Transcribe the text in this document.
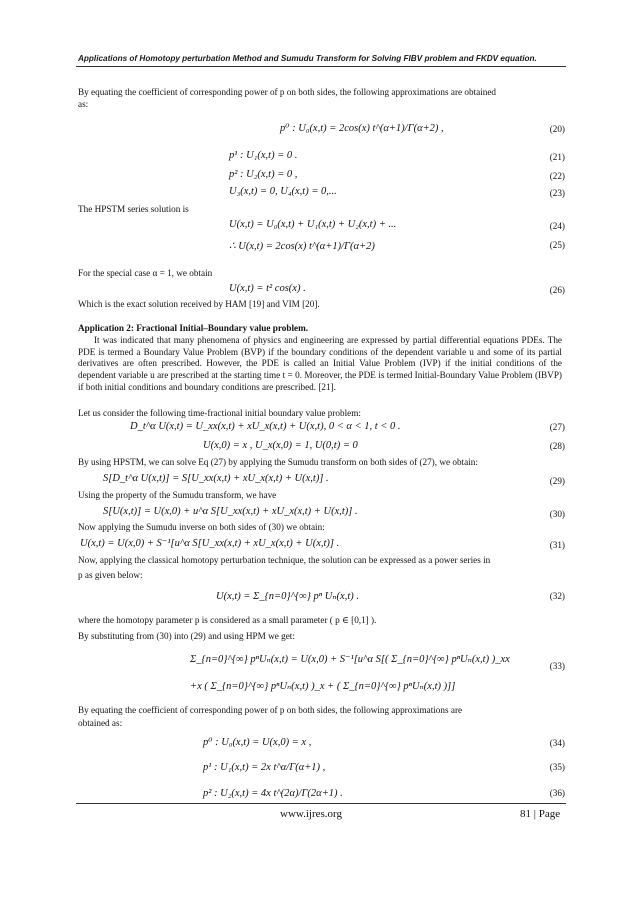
Applications of Homotopy perturbation Method and Sumudu Transform for Solving FIBV problem and FKDV equation.
By equating the coefficient of corresponding power of p on both sides, the following approximations are obtained
as:
p⁰ : U₀(x,t) = 2cos(x) t^(α+1)/Γ(α+2) ,	(20)
p¹ : U₁(x,t) = 0 .	(21)
p² : U₂(x,t) = 0 ,	(22)
U₃(x,t) = 0, U₄(x,t) = 0,...	(23)
The HPSTM series solution is
U(x,t) = U₀(x,t) + U₁(x,t) + U₂(x,t) + ...	(24)
∴ U(x,t) = 2cos(x) t^(α+1)/Γ(α+2)	(25)
For the special case α = 1, we obtain
U(x,t) = t² cos(x) .	(26)
Which is the exact solution received by HAM [19] and VIM [20].
Application 2: Fractional Initial–Boundary value problem.
It was indicated that many phenomena of physics and engineering are expressed by partial differential equations PDEs. The PDE is termed a Boundary Value Problem (BVP) if the boundary conditions of the dependent variable u and some of its partial derivatives are often prescribed. However, the PDE is called an Initial Value Problem (IVP) if the initial conditions of the dependent variable u are prescribed at the starting time t = 0. Moreover, the PDE is termed Initial-Boundary Value Problem (IBVP) if both initial conditions and boundary conditions are prescribed. [21].
Let us consider the following time-fractional initial boundary value problem:
D_t^α U(x,t) = U_xx(x,t) + xU_x(x,t) + U(x,t), 0 < α < 1, t < 0 .	(27)
U(x,0) = x , U_x(x,0) = 1, U(0,t) = 0	(28)
By using HPSTM, we can solve Eq (27) by applying the Sumudu transform on both sides of (27), we obtain:
S[D_t^α U(x,t)] = S[U_xx(x,t) + xU_x(x,t) + U(x,t)] .	(29)
Using the property of the Sumudu transform, we have
S[U(x,t)] = U(x,0) + u^α S[U_xx(x,t) + xU_x(x,t) + U(x,t)] .	(30)
Now applying the Sumudu inverse on both sides of (30) we obtain:
U(x,t) = U(x,0) + S⁻¹[u^α S[U_xx(x,t) + xU_x(x,t) + U(x,t)] .	(31)
Now, applying the classical homotopy perturbation technique, the solution can be expressed as a power series in
p as given below:
U(x,t) = Σ_{n=0}^{∞} pⁿ Uₙ(x,t) .	(32)
where the homotopy parameter p is considered as a small parameter ( p ∈ [0,1] ).
By substituting from (30) into (29) and using HPM we get:
Σ_{n=0}^{∞} pⁿUₙ(x,t) = U(x,0) + S⁻¹[u^α S[( Σ_{n=0}^{∞} pⁿUₙ(x,t) )_xx
+x ( Σ_{n=0}^{∞} pⁿUₙ(x,t) )_x + ( Σ_{n=0}^{∞} pⁿUₙ(x,t) )]]
(33)
By equating the coefficient of corresponding power of p on both sides, the following approximations are
obtained as:
p⁰ : U₀(x,t) = U(x,0) = x ,	(34)
p¹ : U₁(x,t) = 2x t^α/Γ(α+1) ,	(35)
p² : U₂(x,t) = 4x t^(2α)/Γ(2α+1) .	(36)
www.ijres.org	81 | Page
